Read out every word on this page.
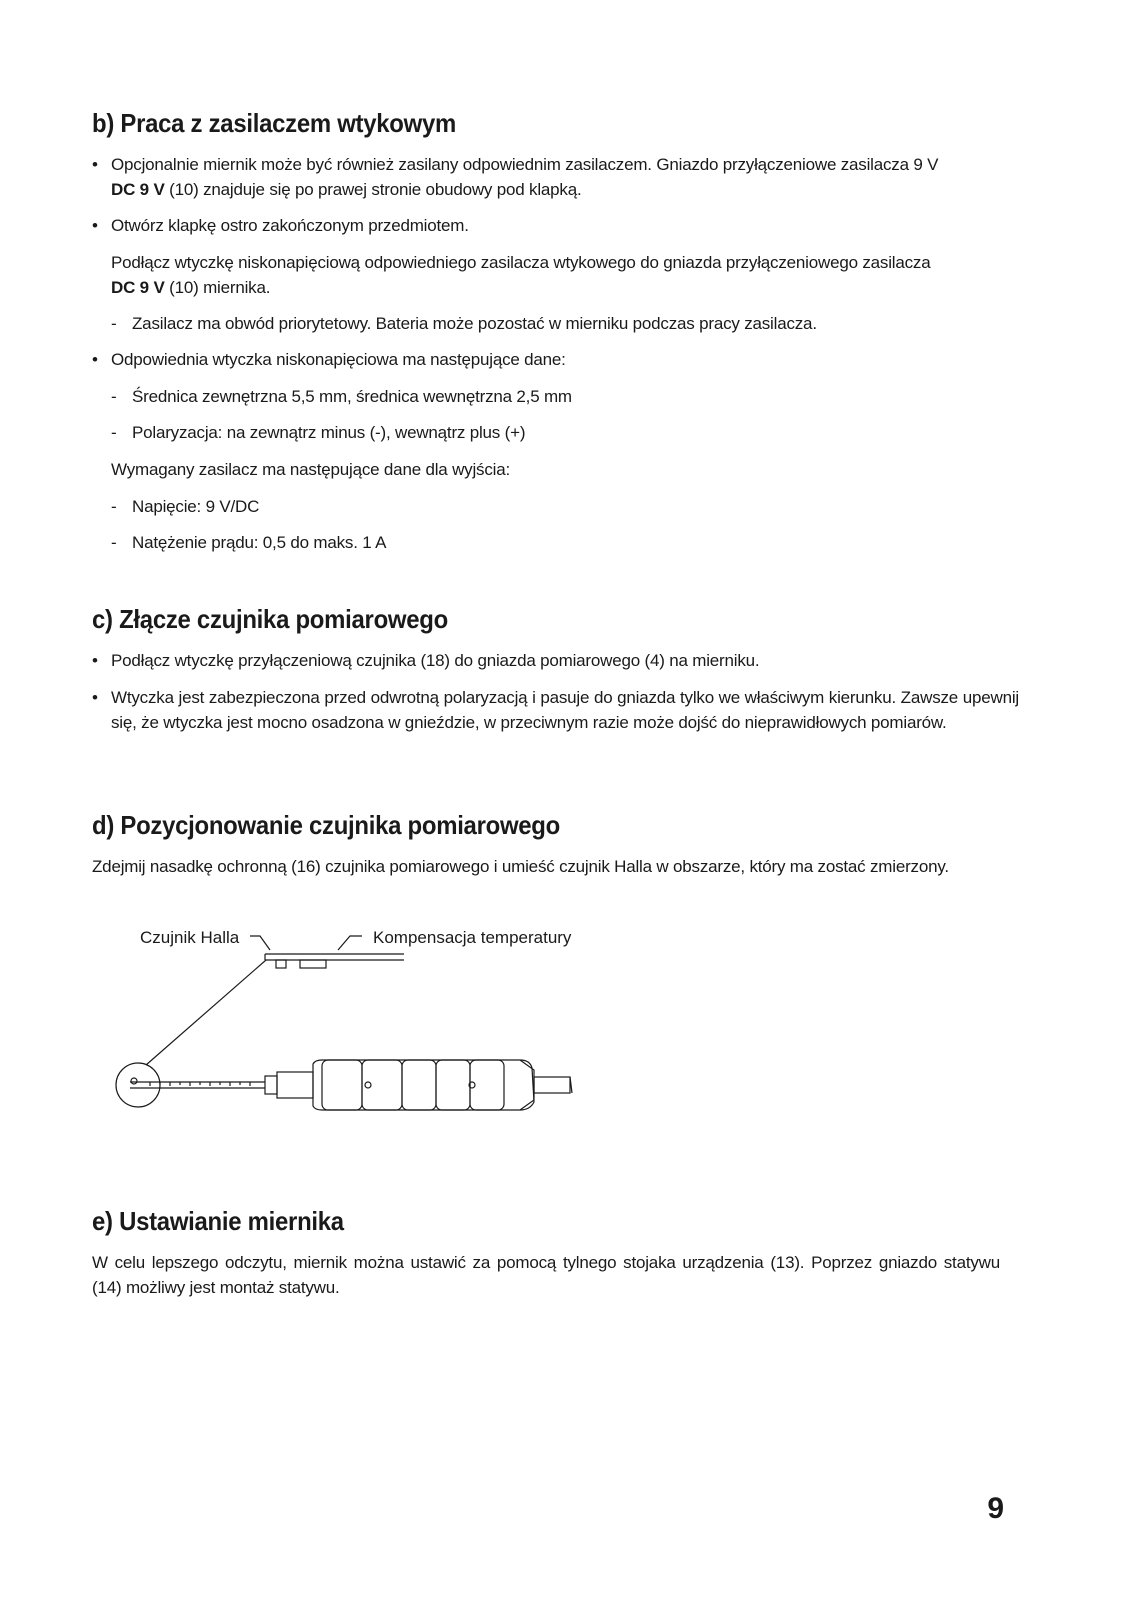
b) Praca z zasilaczem wtykowym
• Opcjonalnie miernik może być również zasilany odpowiednim zasilaczem. Gniazdo przyłączeniowe zasilacza 9 V
DC 9 V (10) znajduje się po prawej stronie obudowy pod klapką.
• Otwórz klapkę ostro zakończonym przedmiotem.
Podłącz wtyczkę niskonapięciową odpowiedniego zasilacza wtykowego do gniazda przyłączeniowego zasilacza
DC 9 V (10) miernika.
- Zasilacz ma obwód priorytetowy. Bateria może pozostać w mierniku podczas pracy zasilacza.
• Odpowiednia wtyczka niskonapięciowa ma następujące dane:
- Średnica zewnętrzna 5,5 mm, średnica wewnętrzna 2,5 mm
- Polaryzacja: na zewnątrz minus (-), wewnątrz plus (+)
Wymagany zasilacz ma następujące dane dla wyjścia:
- Napięcie: 9 V/DC
- Natężenie prądu: 0,5 do maks. 1 A
c) Złącze czujnika pomiarowego
• Podłącz wtyczkę przyłączeniową czujnika (18) do gniazda pomiarowego (4) na mierniku.
• Wtyczka jest zabezpieczona przed odwrotną polaryzacją i pasuje do gniazda tylko we właściwym kierunku. Zawsze upewnij się, że wtyczka jest mocno osadzona w gnieździe, w przeciwnym razie może dojść do nieprawidłowych pomiarów.
d) Pozycjonowanie czujnika pomiarowego
Zdejmij nasadkę ochronną (16) czujnika pomiarowego i umieść czujnik Halla w obszarze, który ma zostać zmierzony.
e) Ustawianie miernika
W celu lepszego odczytu, miernik można ustawić za pomocą tylnego stojaka urządzenia (13). Poprzez gniazdo statywu (14) możliwy jest montaż statywu.
Czujnik Halla	Kompensacja temperatury
9
